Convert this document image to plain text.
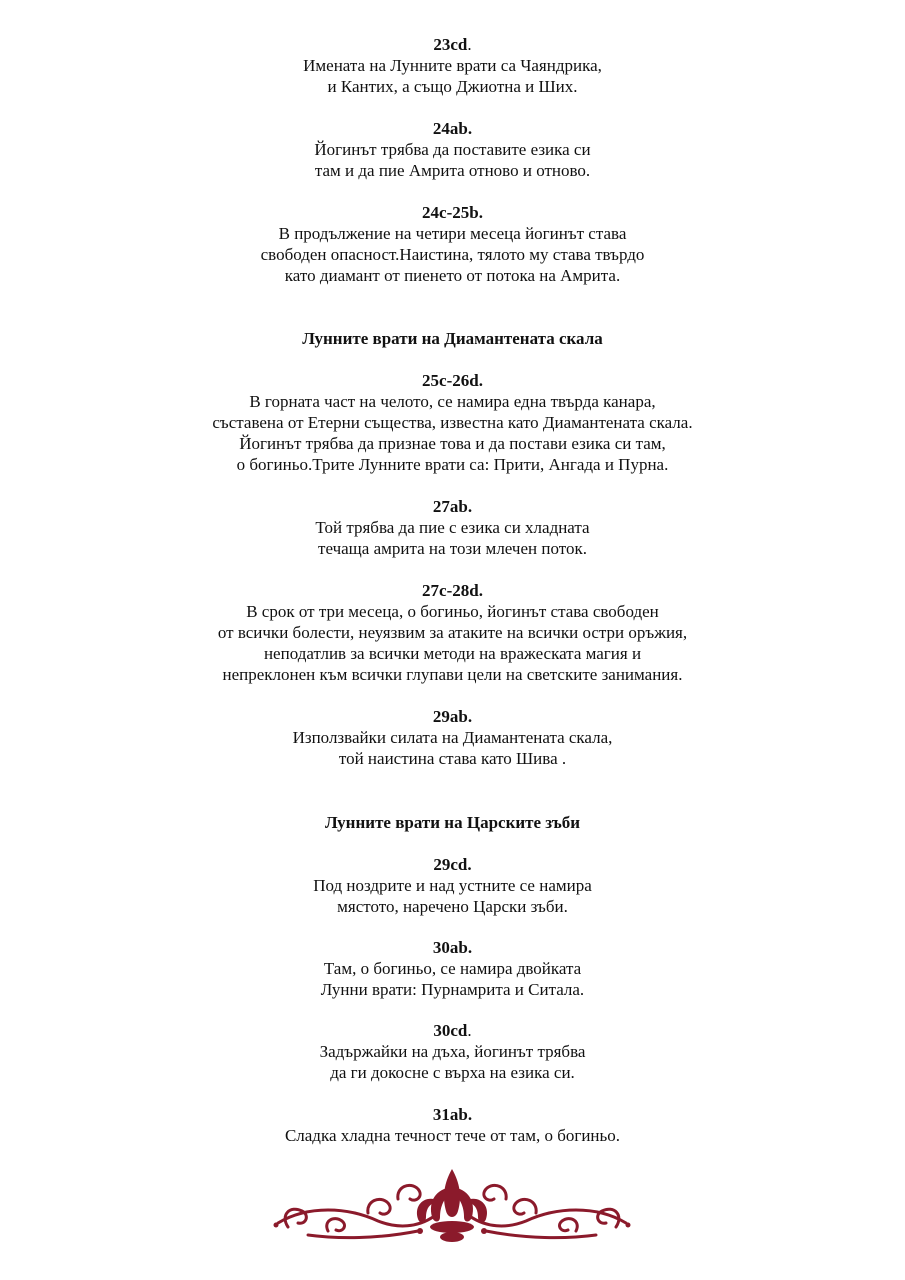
23cd.
Имената на Лунните врати са Чаяндрика,
и Кантих, а също Джиотна и Ших.
24ab.
Йогинът трябва да поставите езика си
там и да пие Амрита отново и отново.
24c-25b.
В продължение на четири месеца йогинът става
свободен опасност.Наистина, тялото му става твърдо
като диамант от пиенето от потока на Амрита.
Лунните врати на Диамантената скала
25c-26d.
В горната част на челото, се намира една твърда канара,
съставена от Етерни същества, известна като Диамантената скала.
Йогинът трябва да признае това и да постави езика си там,
о богиньо.Трите Лунните врати са: Прити, Ангада и Пурна.
27ab.
Той трябва да пие с езика си хладната
течаща амрита на този млечен поток.
27c-28d.
В срок от три месеца, о богиньо, йогинът става свободен
от всички болести, неуязвим за атаките на всички остри оръжия,
неподатлив за всички методи на вражеската магия и
непреклонен към всички глупави цели на светските занимания.
29ab.
Използвайки силата на Диамантената скала,
той наистина става като Шива .
Лунните врати на Царските зъби
29cd.
Под ноздрите и над устните се намира
мястото, наречено Царски зъби.
30ab.
Там, о богиньо, се намира двойката
Лунни врати: Пурнамрита и Ситала.
30cd.
Задържайки на дъха, йогинът трябва
да ги докосне с върха на езика си.
31ab.
Сладка хладна течност тече от там, о богиньо.
